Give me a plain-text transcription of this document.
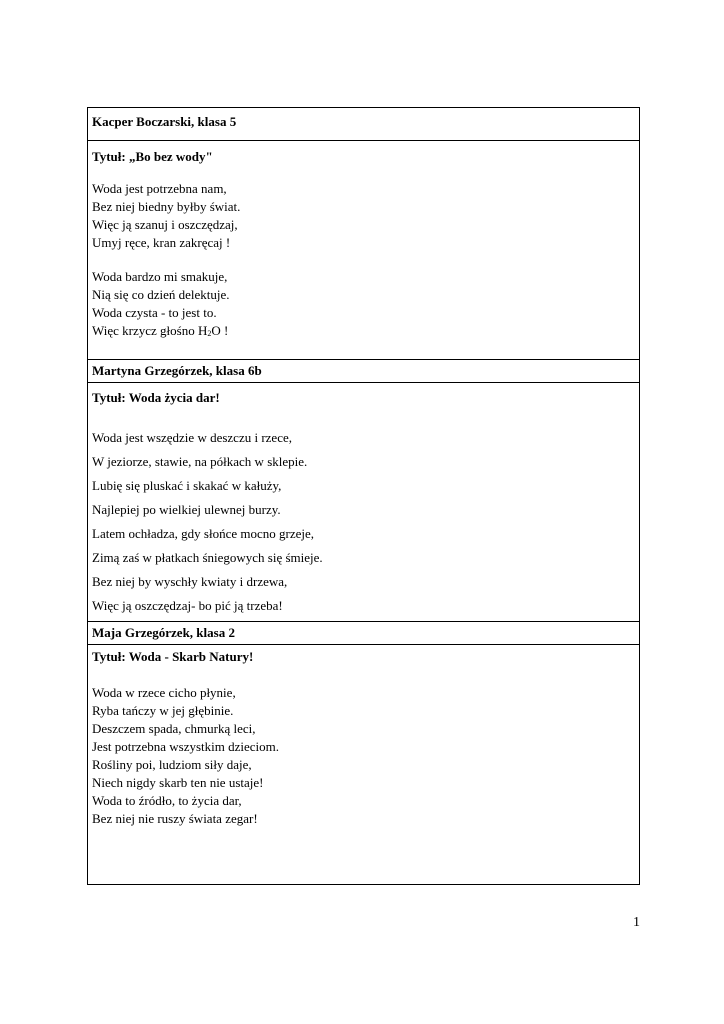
Kacper Boczarski, klasa 5

Tytuł: „Bo bez wody"
Woda jest potrzebna nam,
Bez niej biedny byłby świat.
Więc ją szanuj i oszczędzaj,
Umyj ręce, kran zakręcaj !
Woda bardzo mi smakuje,
Nią się co dzień delektuje.
Woda czysta - to jest to.
Więc krzycz głośno $H_2O$ !

Martyna Grzegórzek, klasa 6b

Tytuł: Woda życia dar!
Woda jest wszędzie w deszczu i rzece,
W jeziorze, stawie, na półkach w sklepie.
Lubię się pluskać i skakać w kałuży,
Najlepiej po wielkiej ulewnej burzy.
Latem ochładza, gdy słońce mocno grzeje,
Zimą zaś w płatkach śniegowych się śmieje.
Bez niej by wyschły kwiaty i drzewa,
Więc ją oszczędzaj- bo pić ją trzeba!

Maja Grzegórzek, klasa 2

Tytuł: Woda - Skarb Natury!
Woda w rzece cicho płynie,
Ryba tańczy w jej głębinie.
Deszczem spada, chmurką leci,
Jest potrzebna wszystkim dzieciom.
Rośliny poi, ludziom siły daje,
Niech nigdy skarb ten nie ustaje!
Woda to źródło, to życia dar,
Bez niej nie ruszy świata zegar!
1
